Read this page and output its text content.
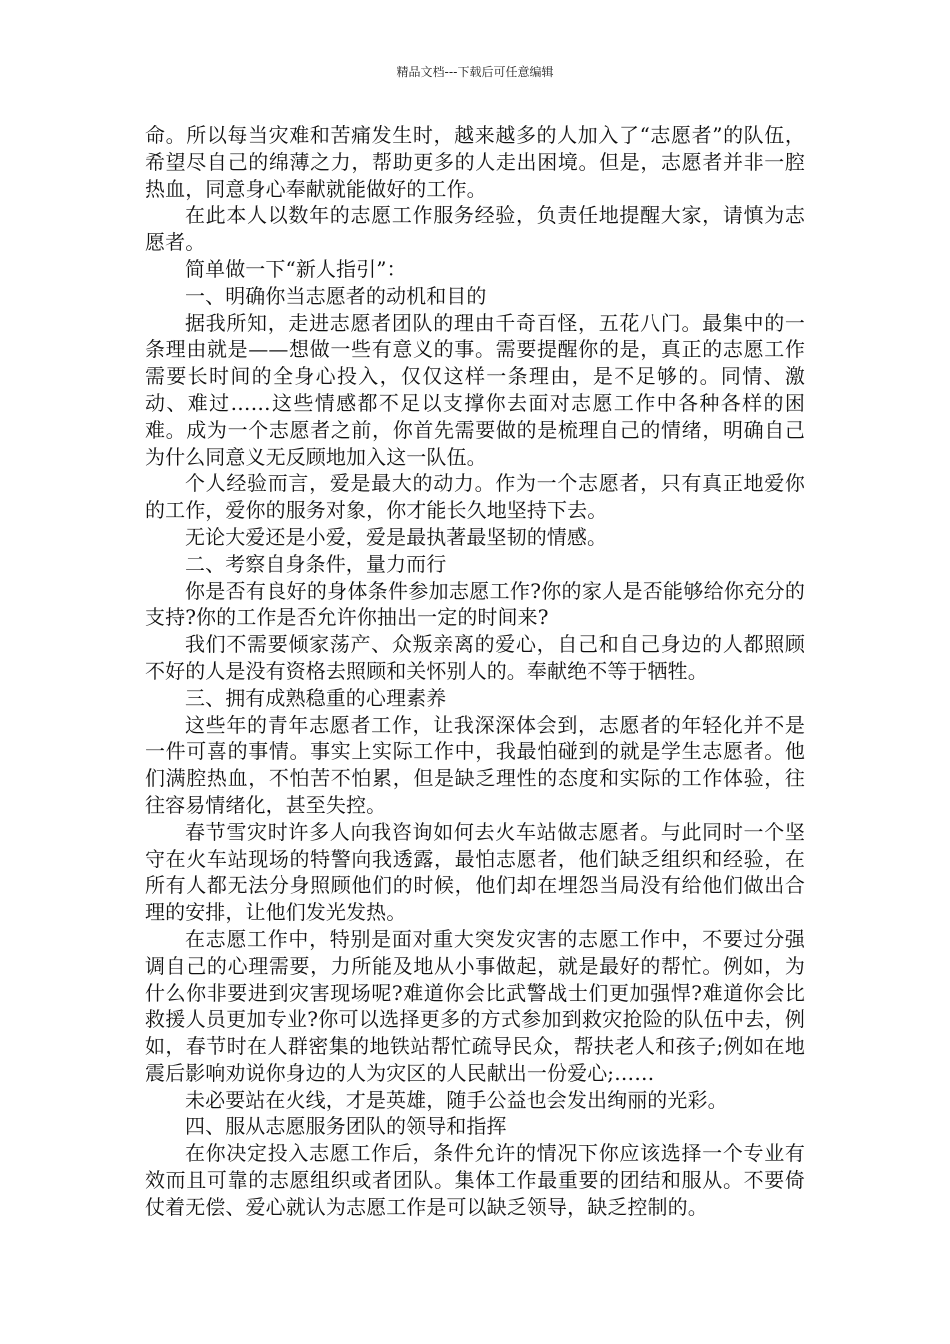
精品文档---下载后可任意编辑

命。所以每当灾难和苦痛发生时，越来越多的人加入了“志愿者”的队伍，希望尽自己的绵薄之力，帮助更多的人走出困境。但是，志愿者并非一腔热血，同意身心奉献就能做好的工作。

在此本人以数年的志愿工作服务经验，负责任地提醒大家，请慎为志愿者。

简单做一下“新人指引”：

一、明确你当志愿者的动机和目的

据我所知，走进志愿者团队的理由千奇百怪，五花八门。最集中的一条理由就是——想做一些有意义的事。需要提醒你的是，真正的志愿工作需要长时间的全身心投入，仅仅这样一条理由，是不足够的。同情、激动、难过……这些情感都不足以支撑你去面对志愿工作中各种各样的困难。成为一个志愿者之前，你首先需要做的是梳理自己的情绪，明确自己为什么同意义无反顾地加入这一队伍。

个人经验而言，爱是最大的动力。作为一个志愿者，只有真正地爱你的工作，爱你的服务对象，你才能长久地坚持下去。

无论大爱还是小爱，爱是最执著最坚韧的情感。

二、考察自身条件，量力而行

你是否有良好的身体条件参加志愿工作?你的家人是否能够给你充分的支持?你的工作是否允许你抽出一定的时间来?

我们不需要倾家荡产、众叛亲离的爱心，自己和自己身边的人都照顾不好的人是没有资格去照顾和关怀别人的。奉献绝不等于牺牲。

三、拥有成熟稳重的心理素养

这些年的青年志愿者工作，让我深深体会到，志愿者的年轻化并不是一件可喜的事情。事实上实际工作中，我最怕碰到的就是学生志愿者。他们满腔热血，不怕苦不怕累，但是缺乏理性的态度和实际的工作体验，往往容易情绪化，甚至失控。

春节雪灾时许多人向我咨询如何去火车站做志愿者。与此同时一个坚守在火车站现场的特警向我透露，最怕志愿者，他们缺乏组织和经验，在所有人都无法分身照顾他们的时候，他们却在埋怨当局没有给他们做出合理的安排，让他们发光发热。

在志愿工作中，特别是面对重大突发灾害的志愿工作中，不要过分强调自己的心理需要，力所能及地从小事做起，就是最好的帮忙。例如，为什么你非要进到灾害现场呢?难道你会比武警战士们更加强悍?难道你会比救援人员更加专业?你可以选择更多的方式参加到救灾抢险的队伍中去，例如，春节时在人群密集的地铁站帮忙疏导民众，帮扶老人和孩子;例如在地震后影响劝说你身边的人为灾区的人民献出一份爱心;……

未必要站在火线，才是英雄，随手公益也会发出绚丽的光彩。

四、服从志愿服务团队的领导和指挥

在你决定投入志愿工作后，条件允许的情况下你应该选择一个专业有效而且可靠的志愿组织或者团队。集体工作最重要的团结和服从。不要倚仗着无偿、爱心就认为志愿工作是可以缺乏领导，缺乏控制的。
